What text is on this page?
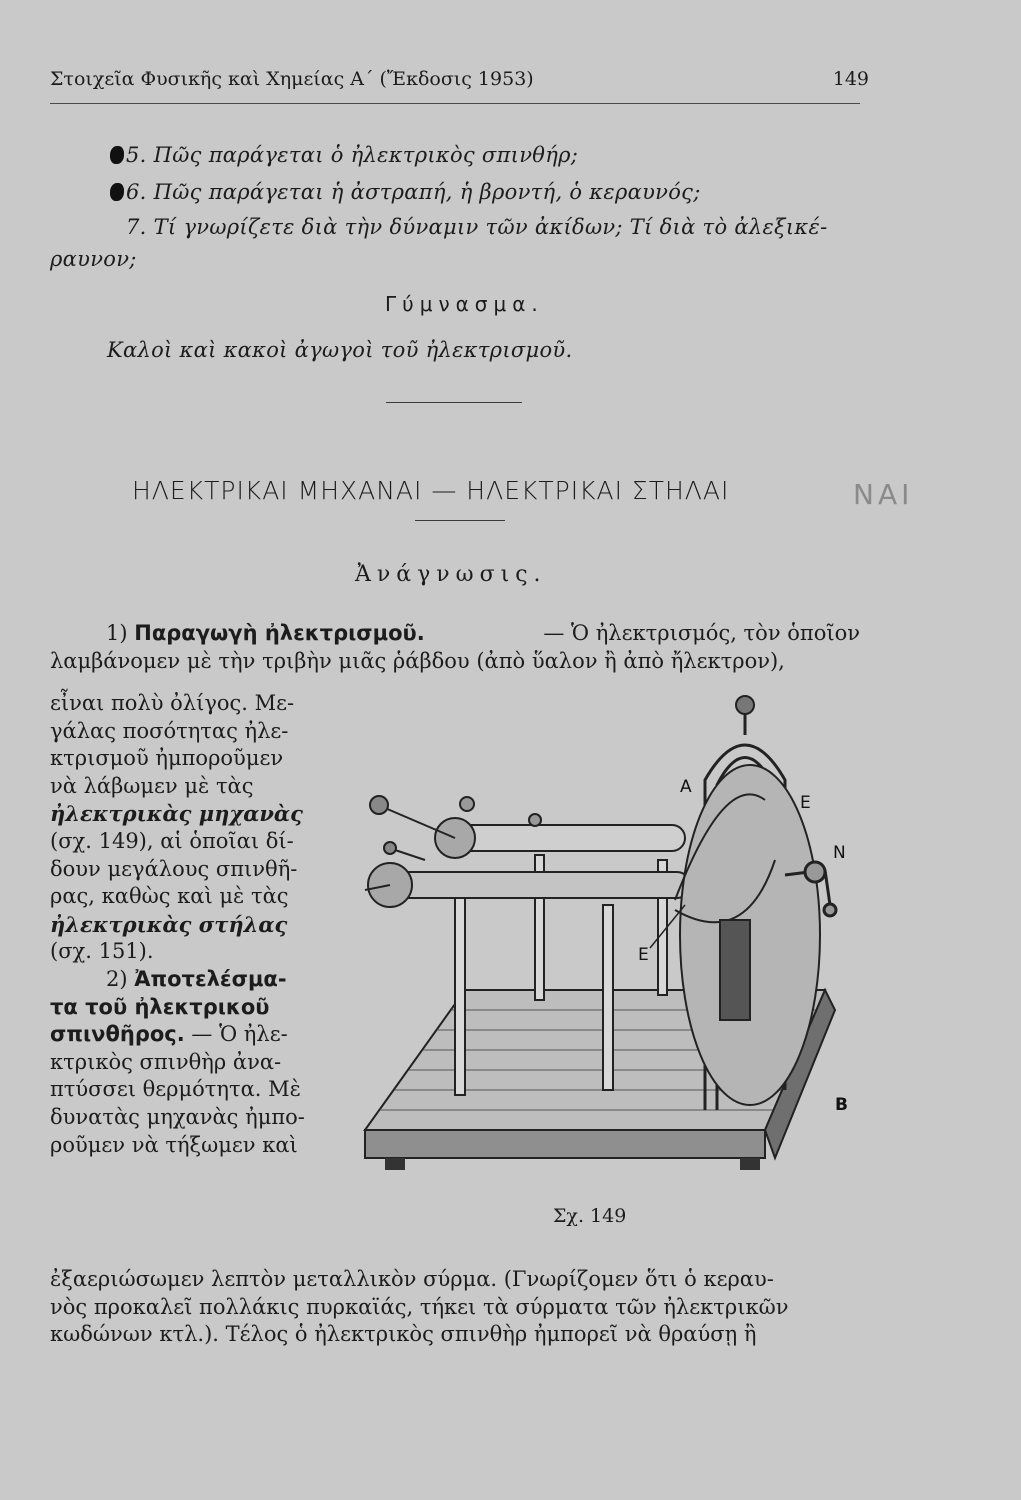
Στοιχεῖα Φυσικῆς καὶ Χημείας Α΄ (Ἔκδοσις 1953)	149
5. Πῶς παράγεται ὁ ἠλεκτρικὸς σπινθήρ;
6. Πῶς παράγεται ἡ ἀστραπή, ἡ βροντή, ὁ κεραυνός;
7. Τί γνωρίζετε διὰ τὴν δύναμιν τῶν ἀκίδων; Τί διὰ τὸ ἀλεξικέ-
ραυνον;
Γύμνασμα.
Καλοὶ καὶ κακοὶ ἀγωγοὶ τοῦ ἠλεκτρισμοῦ.
ΗΛΕΚΤΡΙΚΑΙ ΜΗΧΑΝΑΙ — ΗΛΕΚΤΡΙΚΑΙ ΣΤΗΛΑΙ	ΝΑΙ
Ἀνάγνωσις.
1) Παραγωγὴ ἠλεκτρισμοῦ.	— Ὁ ἠλεκτρισμός, τὸν ὁποῖον
λαμβάνομεν μὲ τὴν τριβὴν μιᾶς ῥάβδου (ἀπὸ ὕαλον ἢ ἀπὸ ἤλεκτρον),
εἶναι πολὺ ὀλίγος. Με-
γάλας ποσότητας ἠλε-
κτρισμοῦ ἠμποροῦμεν
νὰ λάβωμεν μὲ τὰς
ἠλεκτρικὰς μηχανὰς
(σχ. 149), αἱ ὁποῖαι δί-
δουν μεγάλους σπινθῆ-
ρας, καθὼς καὶ μὲ τὰς
ἠλεκτρικὰς στήλας
(σχ. 151).
2) Ἀποτελέσμα-
τα τοῦ ἠλεκτρικοῦ
σπινθῆρος. — Ὁ ἠλε-
κτρικὸς σπινθὴρ ἀνα-
πτύσσει θερμότητα. Μὲ
δυνατὰς μηχανὰς ἠμπο-
ροῦμεν νὰ τήξωμεν καὶ
ἐξαεριώσωμεν λεπτὸν μεταλλικὸν σύρμα. (Γνωρίζομεν ὅτι ὁ κεραυ-
νὸς προκαλεῖ πολλάκις πυρκαϊάς, τήκει τὰ σύρματα τῶν ἠλεκτρικῶν
κωδώνων κτλ.). Τέλος ὁ ἠλεκτρικὸς σπινθὴρ ἠμπορεῖ νὰ θραύσῃ ἢ
Α
Ε
Ν
Ε
Β
Σχ. 149
